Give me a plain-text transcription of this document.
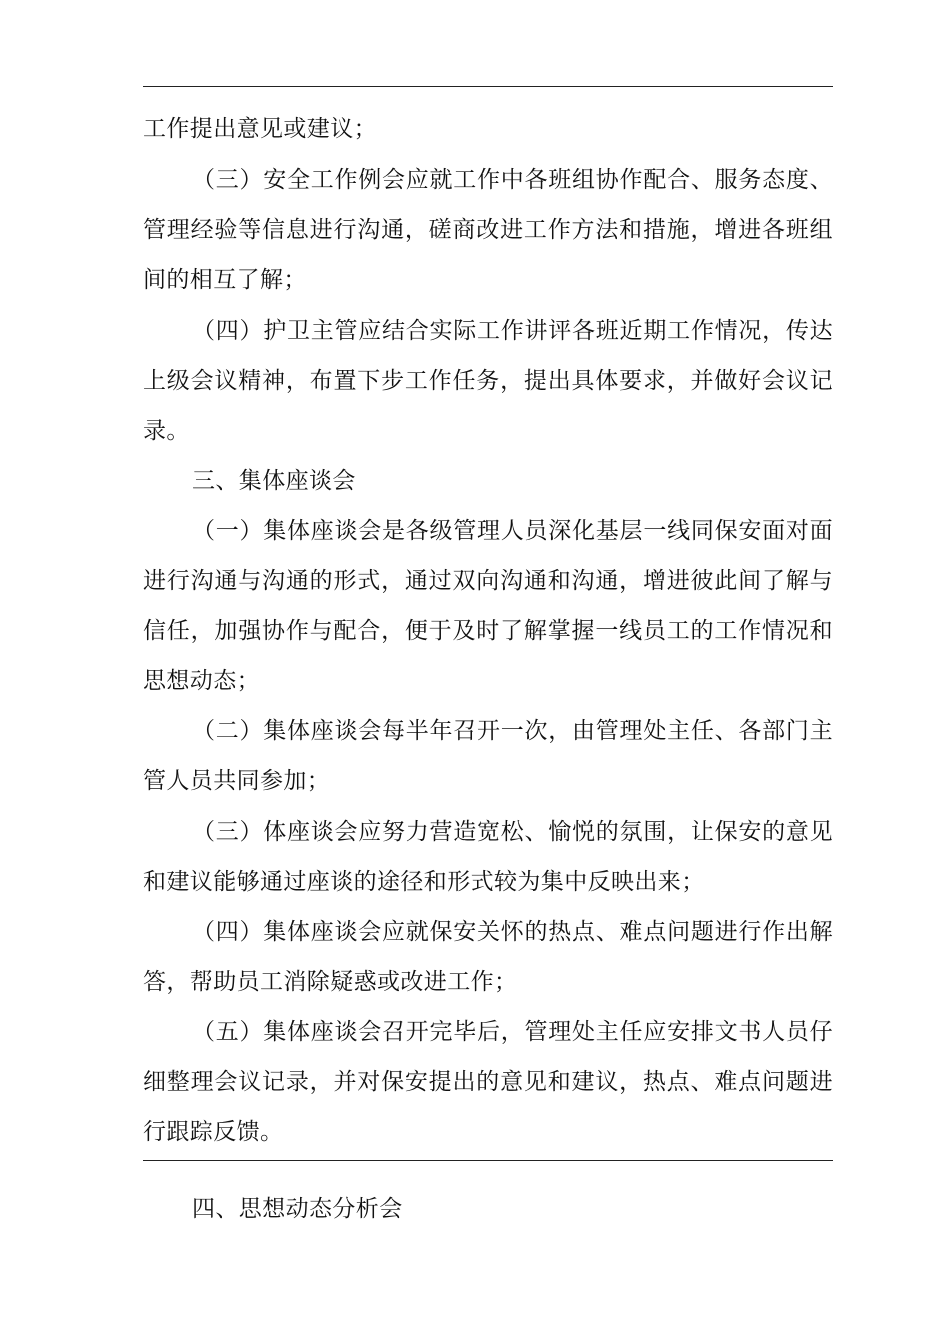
工作提出意见或建议；
（三）安全工作例会应就工作中各班组协作配合、服务态度、
管理经验等信息进行沟通，磋商改进工作方法和措施，增进各班组
间的相互了解；
（四）护卫主管应结合实际工作讲评各班近期工作情况，传达
上级会议精神，布置下步工作任务，提出具体要求，并做好会议记
录。
三、集体座谈会
（一）集体座谈会是各级管理人员深化基层一线同保安面对面
进行沟通与沟通的形式，通过双向沟通和沟通，增进彼此间了解与
信任，加强协作与配合，便于及时了解掌握一线员工的工作情况和
思想动态；
（二）集体座谈会每半年召开一次，由管理处主任、各部门主
管人员共同参加；
（三）体座谈会应努力营造宽松、愉悦的氛围，让保安的意见
和建议能够通过座谈的途径和形式较为集中反映出来；
（四）集体座谈会应就保安关怀的热点、难点问题进行作出解
答，帮助员工消除疑惑或改进工作；
（五）集体座谈会召开完毕后，管理处主任应安排文书人员仔
细整理会议记录，并对保安提出的意见和建议，热点、难点问题进
行跟踪反馈。
四、思想动态分析会
